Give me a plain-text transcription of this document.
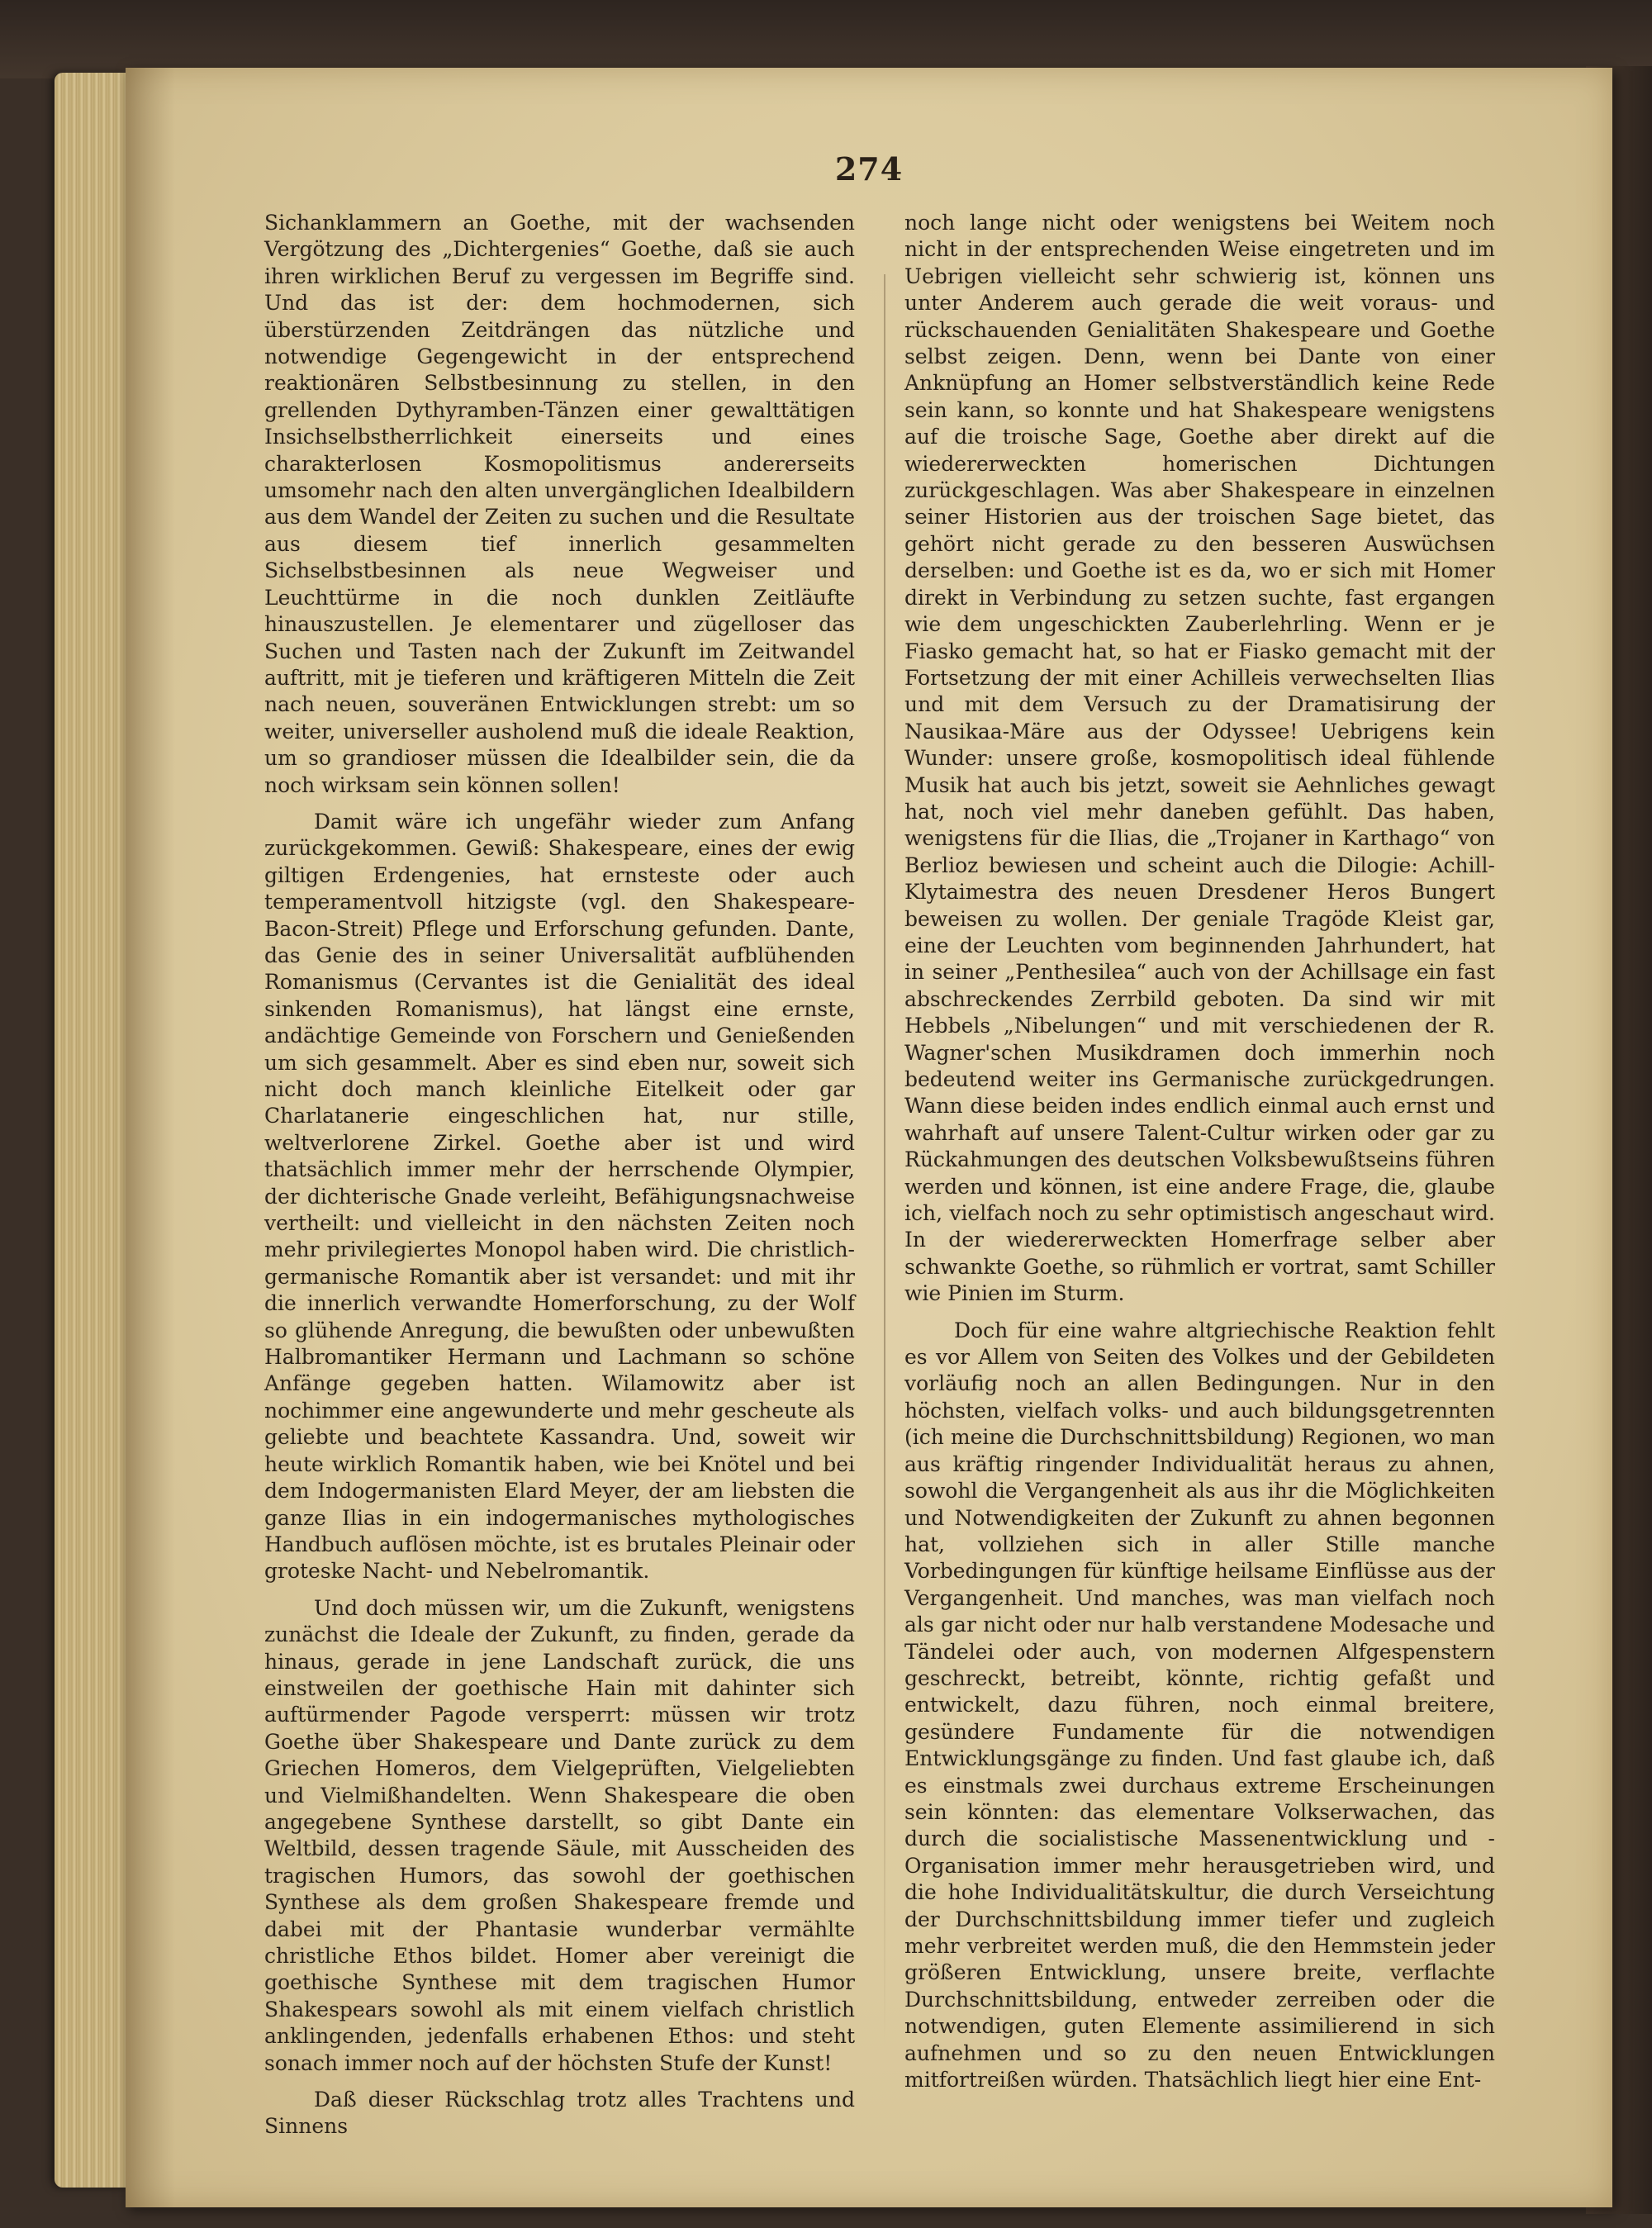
274

Sichanklammern an Goethe, mit der wachsenden Vergötzung des „Dichtergenies“ Goethe, daß sie auch ihren wirklichen Beruf zu vergessen im Begriffe sind. Und das ist der: dem hochmodernen, sich überstürzenden Zeitdrängen das nützliche und notwendige Gegengewicht in der entsprechend reaktionären Selbstbesinnung zu stellen, in den grellenden Dythyramben-Tänzen einer gewalttätigen Insichselbstherrlichkeit einerseits und eines charakterlosen Kosmopolitismus andererseits umsomehr nach den alten unvergänglichen Idealbildern aus dem Wandel der Zeiten zu suchen und die Resultate aus diesem tief innerlich gesammelten Sichselbstbesinnen als neue Wegweiser und Leuchttürme in die noch dunklen Zeitläufte hinauszustellen. Je elementarer und zügelloser das Suchen und Tasten nach der Zukunft im Zeitwandel auftritt, mit je tieferen und kräftigeren Mitteln die Zeit nach neuen, souveränen Entwicklungen strebt: um so weiter, universeller ausholend muß die ideale Reaktion, um so grandioser müssen die Idealbilder sein, die da noch wirksam sein können sollen!

Damit wäre ich ungefähr wieder zum Anfang zurückgekommen. Gewiß: Shakespeare, eines der ewig giltigen Erdengenies, hat ernsteste oder auch temperamentvoll hitzigste (vgl. den Shakespeare-Bacon-Streit) Pflege und Erforschung gefunden. Dante, das Genie des in seiner Universalität aufblühenden Romanismus (Cervantes ist die Genialität des ideal sinkenden Romanismus), hat längst eine ernste, andächtige Gemeinde von Forschern und Genießenden um sich gesammelt. Aber es sind eben nur, soweit sich nicht doch manch kleinliche Eitelkeit oder gar Charlatanerie eingeschlichen hat, nur stille, weltverlorene Zirkel. Goethe aber ist und wird thatsächlich immer mehr der herrschende Olympier, der dichterische Gnade verleiht, Befähigungsnachweise vertheilt: und vielleicht in den nächsten Zeiten noch mehr privilegiertes Monopol haben wird. Die christlich-germanische Romantik aber ist versandet: und mit ihr die innerlich verwandte Homerforschung, zu der Wolf so glühende Anregung, die bewußten oder unbewußten Halbromantiker Hermann und Lachmann so schöne Anfänge gegeben hatten. Wilamowitz aber ist nochimmer eine angewunderte und mehr gescheute als geliebte und beachtete Kassandra. Und, soweit wir heute wirklich Romantik haben, wie bei Knötel und bei dem Indogermanisten Elard Meyer, der am liebsten die ganze Ilias in ein indogermanisches mythologisches Handbuch auflösen möchte, ist es brutales Pleinair oder groteske Nacht- und Nebelromantik.

Und doch müssen wir, um die Zukunft, wenigstens zunächst die Ideale der Zukunft, zu finden, gerade da hinaus, gerade in jene Landschaft zurück, die uns einstweilen der goethische Hain mit dahinter sich auftürmender Pagode versperrt: müssen wir trotz Goethe über Shakespeare und Dante zurück zu dem Griechen Homeros, dem Vielgeprüften, Vielgeliebten und Vielmißhandelten. Wenn Shakespeare die oben angegebene Synthese darstellt, so gibt Dante ein Weltbild, dessen tragende Säule, mit Ausscheiden des tragischen Humors, das sowohl der goethischen Synthese als dem großen Shakespeare fremde und dabei mit der Phantasie wunderbar vermählte christliche Ethos bildet. Homer aber vereinigt die goethische Synthese mit dem tragischen Humor Shakespears sowohl als mit einem vielfach christlich anklingenden, jedenfalls erhabenen Ethos: und steht sonach immer noch auf der höchsten Stufe der Kunst!

Daß dieser Rückschlag trotz alles Trachtens und Sinnens

noch lange nicht oder wenigstens bei Weitem noch nicht in der entsprechenden Weise eingetreten und im Uebrigen vielleicht sehr schwierig ist, können uns unter Anderem auch gerade die weit voraus- und rückschauenden Genialitäten Shakespeare und Goethe selbst zeigen. Denn, wenn bei Dante von einer Anknüpfung an Homer selbstverständlich keine Rede sein kann, so konnte und hat Shakespeare wenigstens auf die troische Sage, Goethe aber direkt auf die wiedererweckten homerischen Dichtungen zurückgeschlagen. Was aber Shakespeare in einzelnen seiner Historien aus der troischen Sage bietet, das gehört nicht gerade zu den besseren Auswüchsen derselben: und Goethe ist es da, wo er sich mit Homer direkt in Verbindung zu setzen suchte, fast ergangen wie dem ungeschickten Zauberlehrling. Wenn er je Fiasko gemacht hat, so hat er Fiasko gemacht mit der Fortsetzung der mit einer Achilleis verwechselten Ilias und mit dem Versuch zu der Dramatisirung der Nausikaa-Märe aus der Odyssee! Uebrigens kein Wunder: unsere große, kosmopolitisch ideal fühlende Musik hat auch bis jetzt, soweit sie Aehnliches gewagt hat, noch viel mehr daneben gefühlt. Das haben, wenigstens für die Ilias, die „Trojaner in Karthago“ von Berlioz bewiesen und scheint auch die Dilogie: Achill-Klytaimestra des neuen Dresdener Heros Bungert beweisen zu wollen. Der geniale Tragöde Kleist gar, eine der Leuchten vom beginnenden Jahrhundert, hat in seiner „Penthesilea“ auch von der Achillsage ein fast abschreckendes Zerrbild geboten. Da sind wir mit Hebbels „Nibelungen“ und mit verschiedenen der R. Wagner'schen Musikdramen doch immerhin noch bedeutend weiter ins Germanische zurückgedrungen. Wann diese beiden indes endlich einmal auch ernst und wahrhaft auf unsere Talent-Cultur wirken oder gar zu Rückahmungen des deutschen Volksbewußtseins führen werden und können, ist eine andere Frage, die, glaube ich, vielfach noch zu sehr optimistisch angeschaut wird. In der wiedererweckten Homerfrage selber aber schwankte Goethe, so rühmlich er vortrat, samt Schiller wie Pinien im Sturm.

Doch für eine wahre altgriechische Reaktion fehlt es vor Allem von Seiten des Volkes und der Gebildeten vorläufig noch an allen Bedingungen. Nur in den höchsten, vielfach volks- und auch bildungsgetrennten (ich meine die Durchschnittsbildung) Regionen, wo man aus kräftig ringender Individualität heraus zu ahnen, sowohl die Vergangenheit als aus ihr die Möglichkeiten und Notwendigkeiten der Zukunft zu ahnen begonnen hat, vollziehen sich in aller Stille manche Vorbedingungen für künftige heilsame Einflüsse aus der Vergangenheit. Und manches, was man vielfach noch als gar nicht oder nur halb verstandene Modesache und Tändelei oder auch, von modernen Alfgespenstern geschreckt, betreibt, könnte, richtig gefaßt und entwickelt, dazu führen, noch einmal breitere, gesündere Fundamente für die notwendigen Entwicklungsgänge zu finden. Und fast glaube ich, daß es einstmals zwei durchaus extreme Erscheinungen sein könnten: das elementare Volkserwachen, das durch die socialistische Massenentwicklung und -Organisation immer mehr herausgetrieben wird, und die hohe Individualitätskultur, die durch Verseichtung der Durchschnittsbildung immer tiefer und zugleich mehr verbreitet werden muß, die den Hemmstein jeder größeren Entwicklung, unsere breite, verflachte Durchschnittsbildung, entweder zerreiben oder die notwendigen, guten Elemente assimilierend in sich aufnehmen und so zu den neuen Entwicklungen mitfortreißen würden. Thatsächlich liegt hier eine Ent-
